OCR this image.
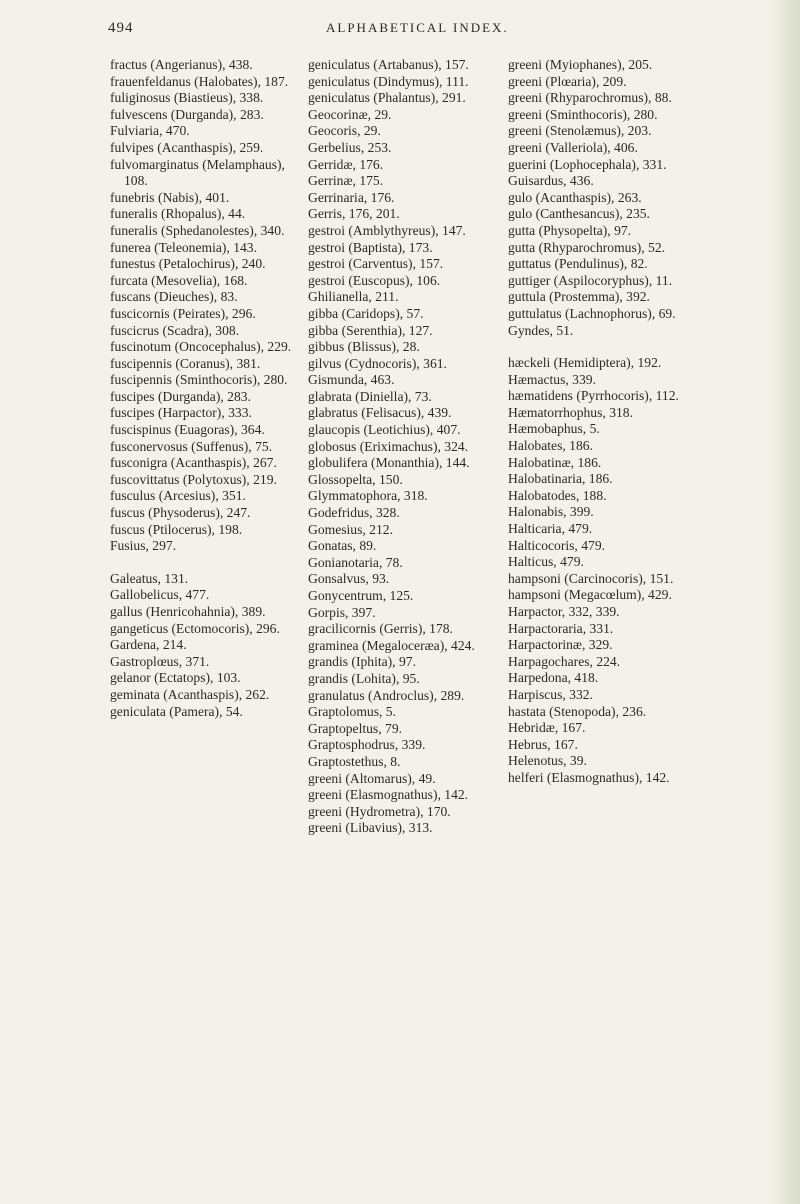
494	ALPHABETICAL INDEX.
fractus (Angerianus), 438.
frauenfeldanus (Halobates), 187.
fuliginosus (Biastieus), 338.
fulvescens (Durganda), 283.
Fulviaria, 470.
fulvipes (Acanthaspis), 259.
fulvomarginatus (Melamphaus), 108.
funebris (Nabis), 401.
funeralis (Rhopalus), 44.
funeralis (Sphedanolestes), 340.
funerea (Teleonemia), 143.
funestus (Petalochirus), 240.
furcata (Mesovelia), 168.
fuscans (Dieuches), 83.
fuscicornis (Peirates), 296.
fuscicrus (Scadra), 308.
fuscinotum (Oncocephalus), 229.
fuscipennis (Coranus), 381.
fuscipennis (Sminthocoris), 280.
fuscipes (Durganda), 283.
fuscipes (Harpactor), 333.
fuscispinus (Euagoras), 364.
fusconervosus (Suffenus), 75.
fusconigra (Acanthaspis), 267.
fuscovittatus (Polytoxus), 219.
fusculus (Arcesius), 351.
fuscus (Physoderus), 247.
fuscus (Ptilocerus), 198.
Fusius, 297.
Galeatus, 131.
Gallobelicus, 477.
gallus (Henricohahnia), 389.
gangeticus (Ectomocoris), 296.
Gardena, 214.
Gastroplœus, 371.
gelanor (Ectatops), 103.
geminata (Acanthaspis), 262.
geniculata (Pamera), 54.
geniculatus (Artabanus), 157.
geniculatus (Dindymus), 111.
geniculatus (Phalantus), 291.
Geocorinæ, 29.
Geocoris, 29.
Gerbelius, 253.
Gerridæ, 176.
Gerrinæ, 175.
Gerrinaria, 176.
Gerris, 176, 201.
gestroi (Amblythyreus), 147.
gestroi (Baptista), 173.
gestroi (Carventus), 157.
gestroi (Euscopus), 106.
Ghilianella, 211.
gibba (Caridops), 57.
gibba (Serenthia), 127.
gibbus (Blissus), 28.
gilvus (Cydnocoris), 361.
Gismunda, 463.
glabrata (Diniella), 73.
glabratus (Felisacus), 439.
glaucopis (Leotichius), 407.
globosus (Eriximachus), 324.
globulifera (Monanthia), 144.
Glossopelta, 150.
Glymmatophora, 318.
Godefridus, 328.
Gomesius, 212.
Gonatas, 89.
Gonianotaria, 78.
Gonsalvus, 93.
Gonycentrum, 125.
Gorpis, 397.
gracilicornis (Gerris), 178.
graminea (Megaloceræa), 424.
grandis (Iphita), 97.
grandis (Lohita), 95.
granulatus (Androclus), 289.
Graptolomus, 5.
Graptopeltus, 79.
Graptosphodrus, 339.
Graptostethus, 8.
greeni (Altomarus), 49.
greeni (Elasmognathus), 142.
greeni (Hydrometra), 170.
greeni (Libavius), 313.
greeni (Myiophanes), 205.
greeni (Plœaria), 209.
greeni (Rhyparochromus), 88.
greeni (Sminthocoris), 280.
greeni (Stenolæmus), 203.
greeni (Valleriola), 406.
guerini (Lophocephala), 331.
Guisardus, 436.
gulo (Acanthaspis), 263.
gulo (Canthesancus), 235.
gutta (Physopelta), 97.
gutta (Rhyparochromus), 52.
guttatus (Pendulinus), 82.
guttiger (Aspilocoryphus), 11.
guttula (Prostemma), 392.
guttulatus (Lachnophorus), 69.
Gyndes, 51.
hæckeli (Hemidiptera), 192.
Hæmactus, 339.
hæmatidens (Pyrrhocoris), 112.
Hæmatorrhophus, 318.
Hæmobaphus, 5.
Halobates, 186.
Halobatinæ, 186.
Halobatinaria, 186.
Halobatodes, 188.
Halonabis, 399.
Halticaria, 479.
Halticocoris, 479.
Halticus, 479.
hampsoni (Carcinocoris), 151.
hampsoni (Megacœlum), 429.
Harpactor, 332, 339.
Harpactoraria, 331.
Harpactorinæ, 329.
Harpagochares, 224.
Harpedona, 418.
Harpiscus, 332.
hastata (Stenopoda), 236.
Hebridæ, 167.
Hebrus, 167.
Helenotus, 39.
helferi (Elasmognathus), 142.
